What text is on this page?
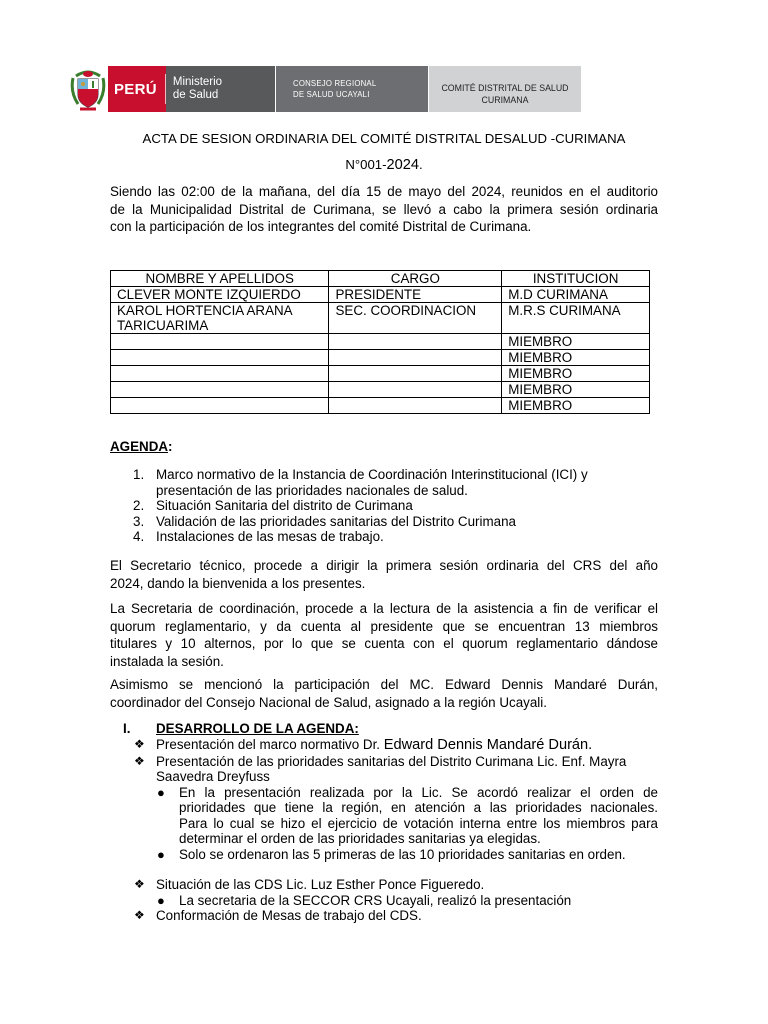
PERÚ	Ministerio
de Salud
CONSEJO REGIONAL
DE SALUD UCAYALI
COMITÉ DISTRITAL DE SALUD
CURIMANA
ACTA DE SESION ORDINARIA DEL COMITÉ DISTRITAL DESALUD -CURIMANA
N°001-2024.
Siendo las 02:00 de la mañana, del día 15 de mayo del 2024, reunidos en el auditorio
de la Municipalidad Distrital de Curimana, se llevó a cabo la primera sesión ordinaria
con la participación de los integrantes del comité Distrital de Curimana.
NOMBRE Y APELLIDOS	CARGO	INSTITUCION
CLEVER MONTE IZQUIERDO	PRESIDENTE	M.D CURIMANA
KAROL HORTENCIA ARANA TARICUARIMA	SEC. COORDINACION	M.R.S CURIMANA
		MIEMBRO
		MIEMBRO
		MIEMBRO
		MIEMBRO
		MIEMBRO
AGENDA:
1. Marco normativo de la Instancia de Coordinación Interinstitucional (ICI) y
presentación de las prioridades nacionales de salud.
2. Situación Sanitaria del distrito de Curimana
3. Validación de las prioridades sanitarias del Distrito Curimana
4. Instalaciones de las mesas de trabajo.
El Secretario técnico, procede a dirigir la primera sesión ordinaria del CRS del año
2024, dando la bienvenida a los presentes.
La Secretaria de coordinación, procede a la lectura de la asistencia a fin de verificar el
quorum reglamentario, y da cuenta al presidente que se encuentran 13 miembros
titulares y 10 alternos, por lo que se cuenta con el quorum reglamentario dándose
instalada la sesión.
Asimismo se mencionó la participación del MC. Edward Dennis Mandaré Durán,
coordinador del Consejo Nacional de Salud, asignado a la región Ucayali.
I. DESARROLLO DE LA AGENDA:
❖ Presentación del marco normativo Dr. Edward Dennis Mandaré Durán.
❖ Presentación de las prioridades sanitarias del Distrito Curimana Lic. Enf. Mayra
Saavedra Dreyfuss
● En la presentación realizada por la Lic. Se acordó realizar el orden de
prioridades que tiene la región, en atención a las prioridades nacionales.
Para lo cual se hizo el ejercicio de votación interna entre los miembros para
determinar el orden de las prioridades sanitarias ya elegidas.
● Solo se ordenaron las 5 primeras de las 10 prioridades sanitarias en orden.
❖ Situación de las CDS Lic. Luz Esther Ponce Figueredo.
● La secretaria de la SECCOR CRS Ucayali, realizó la presentación
❖ Conformación de Mesas de trabajo del CDS.
